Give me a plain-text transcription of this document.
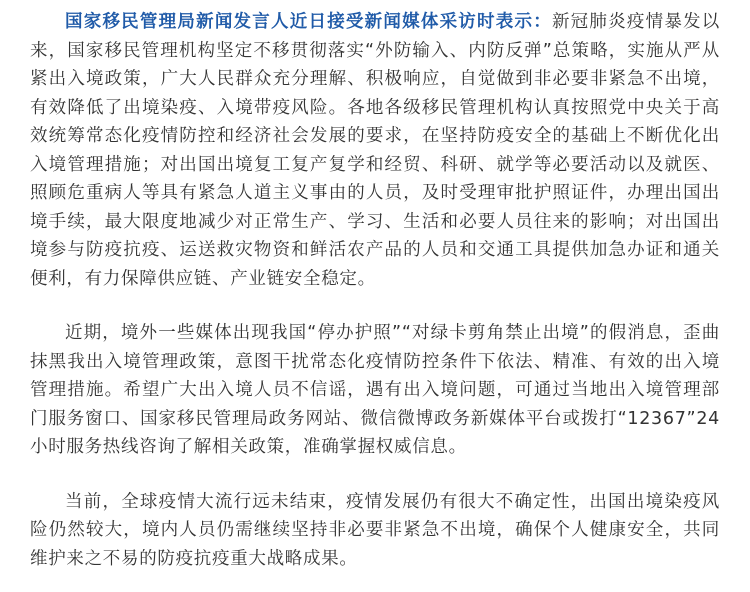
国家移民管理局新闻发言人近日接受新闻媒体采访时表示：新冠肺炎疫情暴发以来，国家移民管理机构坚定不移贯彻落实“外防输入、内防反弹”总策略，实施从严从紧出入境政策，广大人民群众充分理解、积极响应，自觉做到非必要非紧急不出境，有效降低了出境染疫、入境带疫风险。各地各级移民管理机构认真按照党中央关于高效统筹常态化疫情防控和经济社会发展的要求，在坚持防疫安全的基础上不断优化出入境管理措施；对出国出境复工复产复学和经贸、科研、就学等必要活动以及就医、照顾危重病人等具有紧急人道主义事由的人员，及时受理审批护照证件，办理出国出境手续，最大限度地减少对正常生产、学习、生活和必要人员往来的影响；对出国出境参与防疫抗疫、运送救灾物资和鲜活农产品的人员和交通工具提供加急办证和通关便利，有力保障供应链、产业链安全稳定。

近期，境外一些媒体出现我国“停办护照”“对绿卡剪角禁止出境”的假消息，歪曲抹黑我出入境管理政策，意图干扰常态化疫情防控条件下依法、精准、有效的出入境管理措施。希望广大出入境人员不信谣，遇有出入境问题，可通过当地出入境管理部门服务窗口、国家移民管理局政务网站、微信微博政务新媒体平台或拨打“12367”24小时服务热线咨询了解相关政策，准确掌握权威信息。

当前，全球疫情大流行远未结束，疫情发展仍有很大不确定性，出国出境染疫风险仍然较大，境内人员仍需继续坚持非必要非紧急不出境，确保个人健康安全，共同维护来之不易的防疫抗疫重大战略成果。
